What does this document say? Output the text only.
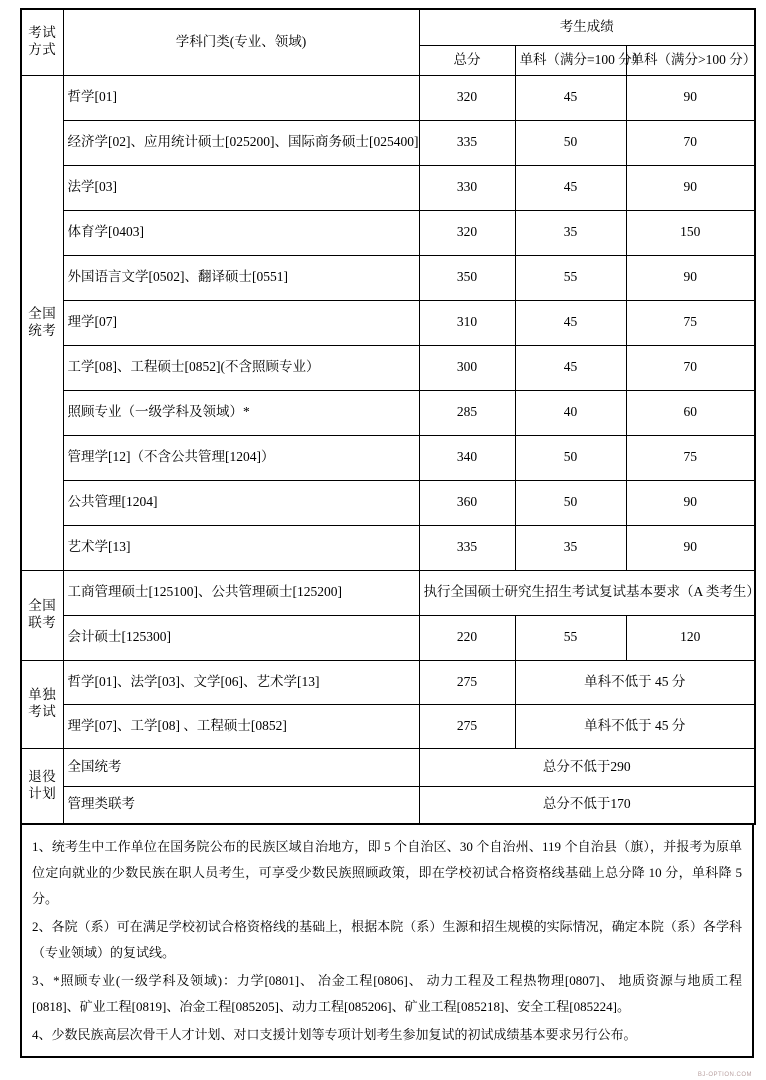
考试
方式	学科门类(专业、领域)	考生成绩		
		总分	单科（满分=100 分）	单科（满分>100 分）

全国
统考	哲学[01]	320	45	90
	经济学[02]、应用统计硕士[025200]、国际商务硕士[025400]	335	50	70
	法学[03]	330	45	90
	体育学[0403]	320	35	150
	外国语言文学[0502]、翻译硕士[0551]	350	55	90
	理学[07]	310	45	75
	工学[08]、工程硕士[0852](不含照顾专业）	300	45	70
	照顾专业（一级学科及领域）*	285	40	60
	管理学[12]（不含公共管理[1204]）	340	50	75
	公共管理[1204]	360	50	90
	艺术学[13]	335	35	90

全国
联考	工商管理硕士[125100]、公共管理硕士[125200]	执行全国硕士研究生招生考试复试基本要求（A 类考生）		
	会计硕士[125300]	220	55	120

单独
考试	哲学[01]、法学[03]、文学[06]、艺术学[13]	275	单科不低于 45 分	
	理学[07]、工学[08] 、工程硕士[0852]	275	单科不低于 45 分	

退役
计划	全国统考	总分不低于290		
	管理类联考	总分不低于170		

1、统考生中工作单位在国务院公布的民族区域自治地方，即 5 个自治区、30 个自治州、119 个自治县（旗），并报考为原单位定向就业的少数民族在职人员考生，可享受少数民族照顾政策，即在学校初试合格资格线基础上总分降 10 分，单科降 5 分。

2、各院（系）可在满足学校初试合格资格线的基础上，根据本院（系）生源和招生规模的实际情况，确定本院（系）各学科（专业领域）的复试线。

3、*照顾专业(一级学科及领域)：力学[0801]、 冶金工程[0806]、 动力工程及工程热物理[0807]、 地质资源与地质工程[0818]、矿业工程[0819]、冶金工程[085205]、动力工程[085206]、矿业工程[085218]、安全工程[085224]。

4、少数民族高层次骨干人才计划、对口支援计划等专项计划考生参加复试的初试成绩基本要求另行公布。

BJ-OPTION.COM
